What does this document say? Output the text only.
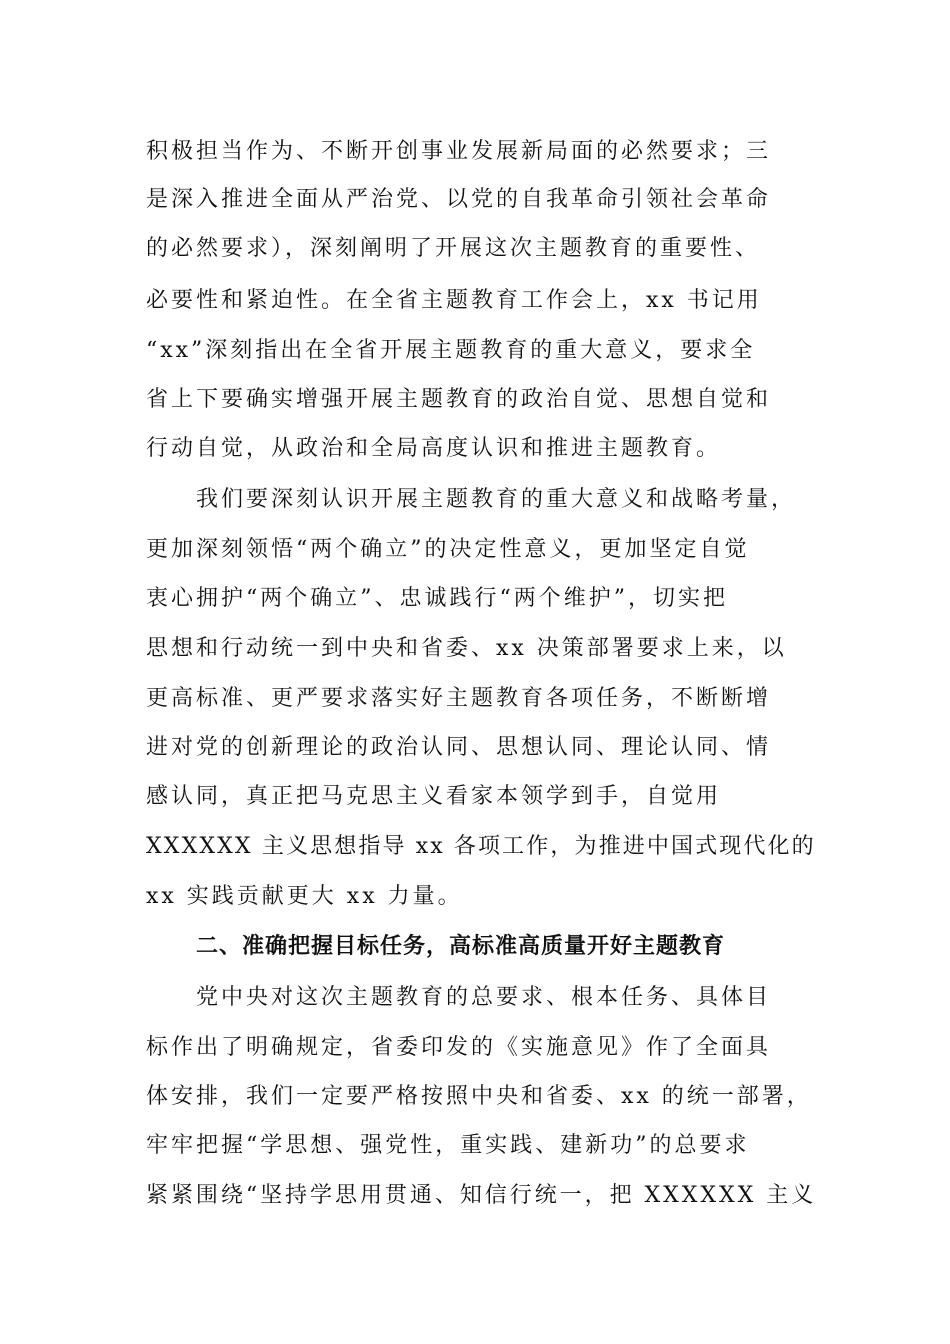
积极担当作为、不断开创事业发展新局面的必然要求；三
是深入推进全面从严治党、以党的自我革命引领社会革命
的必然要求），深刻阐明了开展这次主题教育的重要性、
必要性和紧迫性。在全省主题教育工作会上，xx 书记用
“xx”深刻指出在全省开展主题教育的重大意义，要求全
省上下要确实增强开展主题教育的政治自觉、思想自觉和
行动自觉，从政治和全局高度认识和推进主题教育。
我们要深刻认识开展主题教育的重大意义和战略考量，
更加深刻领悟“两个确立”的决定性意义，更加坚定自觉
衷心拥护“两个确立”、忠诚践行“两个维护”，切实把
思想和行动统一到中央和省委、xx 决策部署要求上来，以
更高标准、更严要求落实好主题教育各项任务，不断断增
进对党的创新理论的政治认同、思想认同、理论认同、情
感认同，真正把马克思主义看家本领学到手，自觉用
XXXXXX 主义思想指导 xx 各项工作，为推进中国式现代化的
xx 实践贡献更大 xx 力量。
二、准确把握目标任务，高标准高质量开好主题教育
党中央对这次主题教育的总要求、根本任务、具体目
标作出了明确规定，省委印发的《实施意见》作了全面具
体安排，我们一定要严格按照中央和省委、xx 的统一部署，
牢牢把握“学思想、强党性，重实践、建新功”的总要求
紧紧围绕“坚持学思用贯通、知信行统一，把 XXXXXX 主义
